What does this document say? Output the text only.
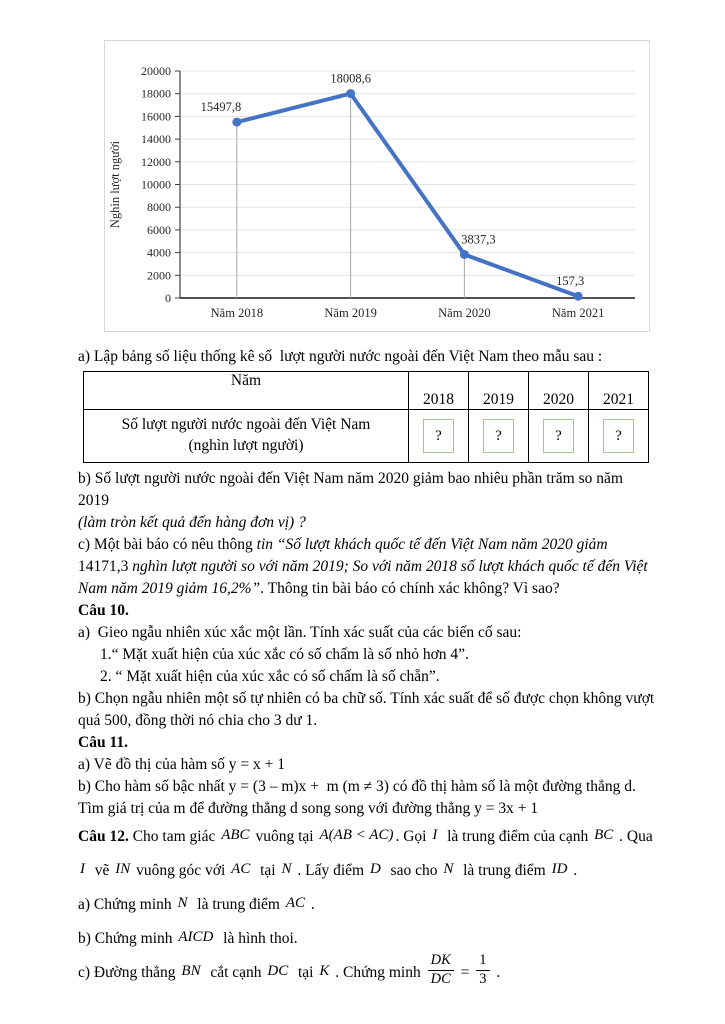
0
2000
4000
6000
8000
10000
12000
14000
16000
18000
20000
15497,8
18008,6
3837,3
157,3
Năm 2018	Năm 2019	Năm 2020	Năm 2021
Nghìn lượt người
a) Lập bảng số liệu thống kê số  lượt người nước ngoài đến Việt Nam theo mẫu sau :
Năm	2018	2019	2020	2021
Số lượt người nước ngoài đến Việt Nam
(nghìn lượt người)	?	?	?	?
b) Số lượt người nước ngoài đến Việt Nam năm 2020 giảm bao nhiêu phần trăm so năm 2019
(làm tròn kết quả đến hàng đơn vị) ?
c) Một bài báo có nêu thông tin “Số lượt khách quốc tế đến Việt Nam năm 2020 giảm
14171,3 nghìn lượt người so với năm 2019; So với năm 2018 số lượt khách quốc tế đến Việt
Nam năm 2019 giảm 16,2%”. Thông tin bài báo có chính xác không? Vì sao?
Câu 10.
a)  Gieo ngẫu nhiên xúc xắc một lần. Tính xác suất của các biến cố sau:
1.“ Mặt xuất hiện của xúc xắc có số chấm là số nhỏ hơn 4”.
2. “ Mặt xuất hiện của xúc xắc có số chấm là số chẵn”.
b) Chọn ngẫu nhiên một số tự nhiên có ba chữ số. Tính xác suất để số được chọn không vượt
quá 500, đồng thời nó chia cho 3 dư 1.
Câu 11.
a) Vẽ đồ thị của hàm số y = x + 1
b) Cho hàm số bậc nhất y = (3 – m)x +  m (m ≠ 3) có đồ thị hàm số là một đường thẳng d.
Tìm giá trị của m để đường thẳng d song song với đường thẳng y = 3x + 1
Câu 12. Cho tam giác ABC vuông tại A(AB < AC) . Gọi I  là trung điểm của cạnh BC . Qua
I  vẽ IN vuông góc với AC  tại N . Lấy điểm D  sao cho N  là trung điểm ID .
a) Chứng minh N  là trung điểm AC .
b) Chứng minh AICD  là hình thoi.
c) Đường thẳng BN  cắt cạnh DC  tại K . Chứng minh $\frac{DK}{DC} = \frac{1}{3}$ .
